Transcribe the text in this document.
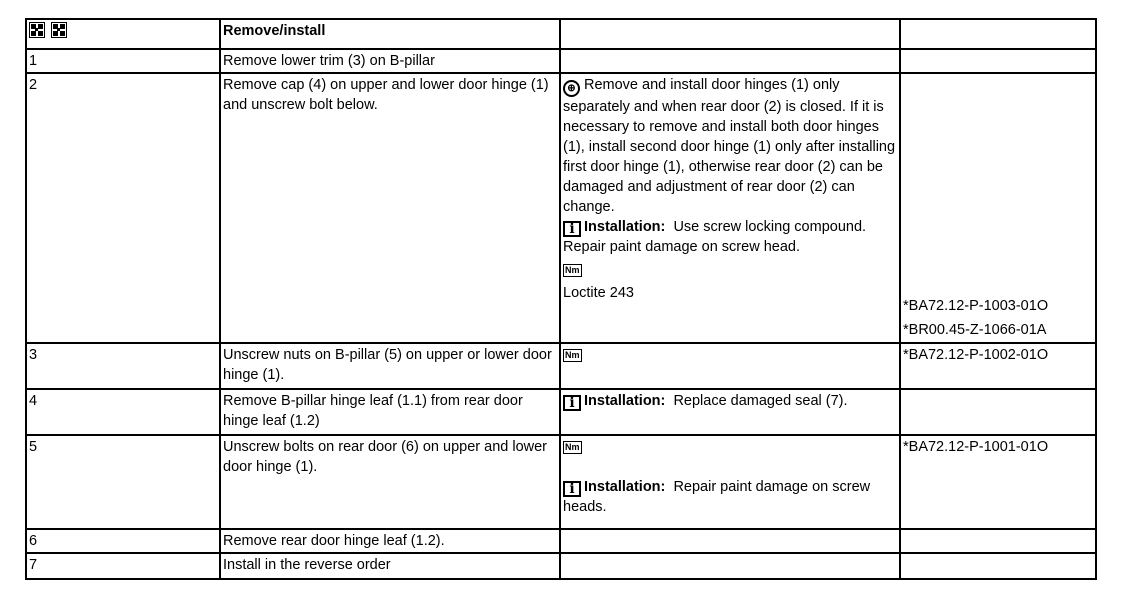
	Remove/install		
1	Remove lower trim (3) on B-pillar		
2	Remove cap (4) on upper and lower door hinge (1) and unscrew bolt below.	⊕ Remove and install door hinges (1) only separately and when rear door (2) is closed. If it is necessary to remove and install both door hinges (1), install second door hinge (1) only after installing first door hinge (1), otherwise rear door (2) can be damaged and adjustment of rear door (2) can change.
i Installation: Use screw locking compound.
Repair paint damage on screw head.
Nm
Loctite 243	*BA72.12-P-1003-01O
*BR00.45-Z-1066-01A

3	Unscrew nuts on B-pillar (5) on upper or lower door hinge (1).	Nm	*BA72.12-P-1002-01O
4	Remove B-pillar hinge leaf (1.1) from rear door hinge leaf (1.2)	i Installation: Replace damaged seal (7).	

5	Unscrew bolts on rear door (6) on upper and lower door hinge (1).	Nm
i Installation: Repair paint damage on screw heads.	*BA72.12-P-1001-01O
6	Remove rear door hinge leaf (1.2).		
7	Install in the reverse order		
